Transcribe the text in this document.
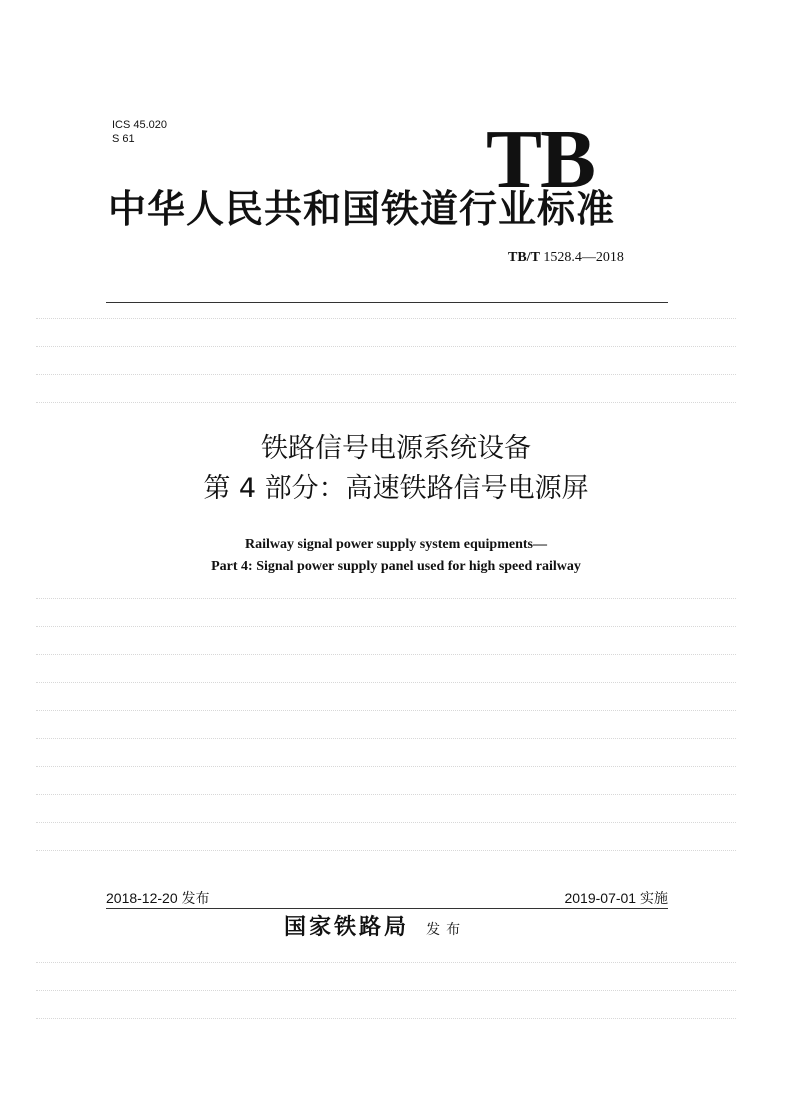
ICS 45.020
S 61	TB
中华人民共和国铁道行业标准
TB/T 1528.4—2018
铁路信号电源系统设备
第 4 部分：高速铁路信号电源屏
Railway signal power supply system equipments—
Part 4: Signal power supply panel used for high speed railway
2018-12-20 发布	2019-07-01 实施
国家铁路局 发布
